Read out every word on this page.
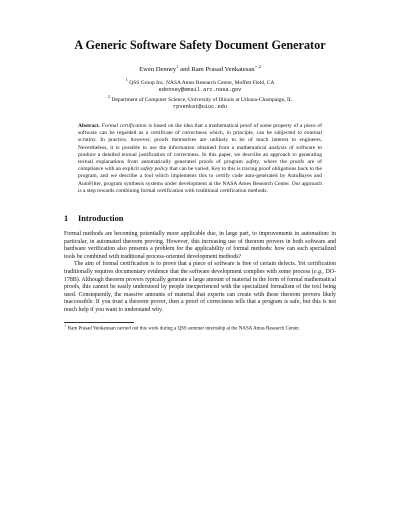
A Generic Software Safety Document Generator
Ewen Denney$^1$ and Ram Prasad Venkatesan$^{⋆,2}$
$^1$ QSS Group Inc, NASA Ames Research Center, Moffett Field, CA
edenney@email.arc.nasa.gov
$^2$ Department of Computer Science, University of Illinois at Urbana-Champaign, IL
rpvenkat@uiuc.edu

Abstract. Formal certification is based on the idea that a mathematical proof of some property of a piece of software can be regarded as a certificate of correctness which, in principle, can be subjected to external scrutiny. In practice, however, proofs themselves are unlikely to be of much interest to engineers. Nevertheless, it is possible to use the information obtained from a mathematical analysis of software to produce a detailed textual justification of correctness. In this paper, we describe an approach to generating textual explanations from automatically generated proofs of program safety, where the proofs are of compliance with an explicit safety policy that can be varied. Key to this is tracing proof obligations back to the program, and we describe a tool which implements this to certify code auto-generated by AutoBayes and AutoFilter, program synthesis systems under development at the NASA Ames Research Center. Our approach is a step towards combining formal certification with traditional certification methods.

1 Introduction

Formal methods are becoming potentially more applicable due, in large part, to improvements in automation: in particular, in automated theorem proving. However, this increasing use of theorem provers in both software and hardware verification also presents a problem for the applicability of formal methods: how can such specialized tools be combined with traditional process-oriented development methods?

The aim of formal certification is to prove that a piece of software is free of certain defects. Yet certification traditionally requires documentary evidence that the software development complies with some process (e.g., DO-178B). Although theorem provers typically generate a large amount of material in the form of formal mathematical proofs, this cannot be easily understood by people inexperienced with the specialized formalism of the tool being used. Consequently, the massive amounts of material that experts can create with these theorem provers likely inaccessible. If you trust a theorem prover, then a proof of correctness tells that a program is safe, but this is not much help if you want to understand why.

⋆ Ram Prasad Venkatesan carried out this work during a QSS summer internship at the NASA Ames Research Center.
